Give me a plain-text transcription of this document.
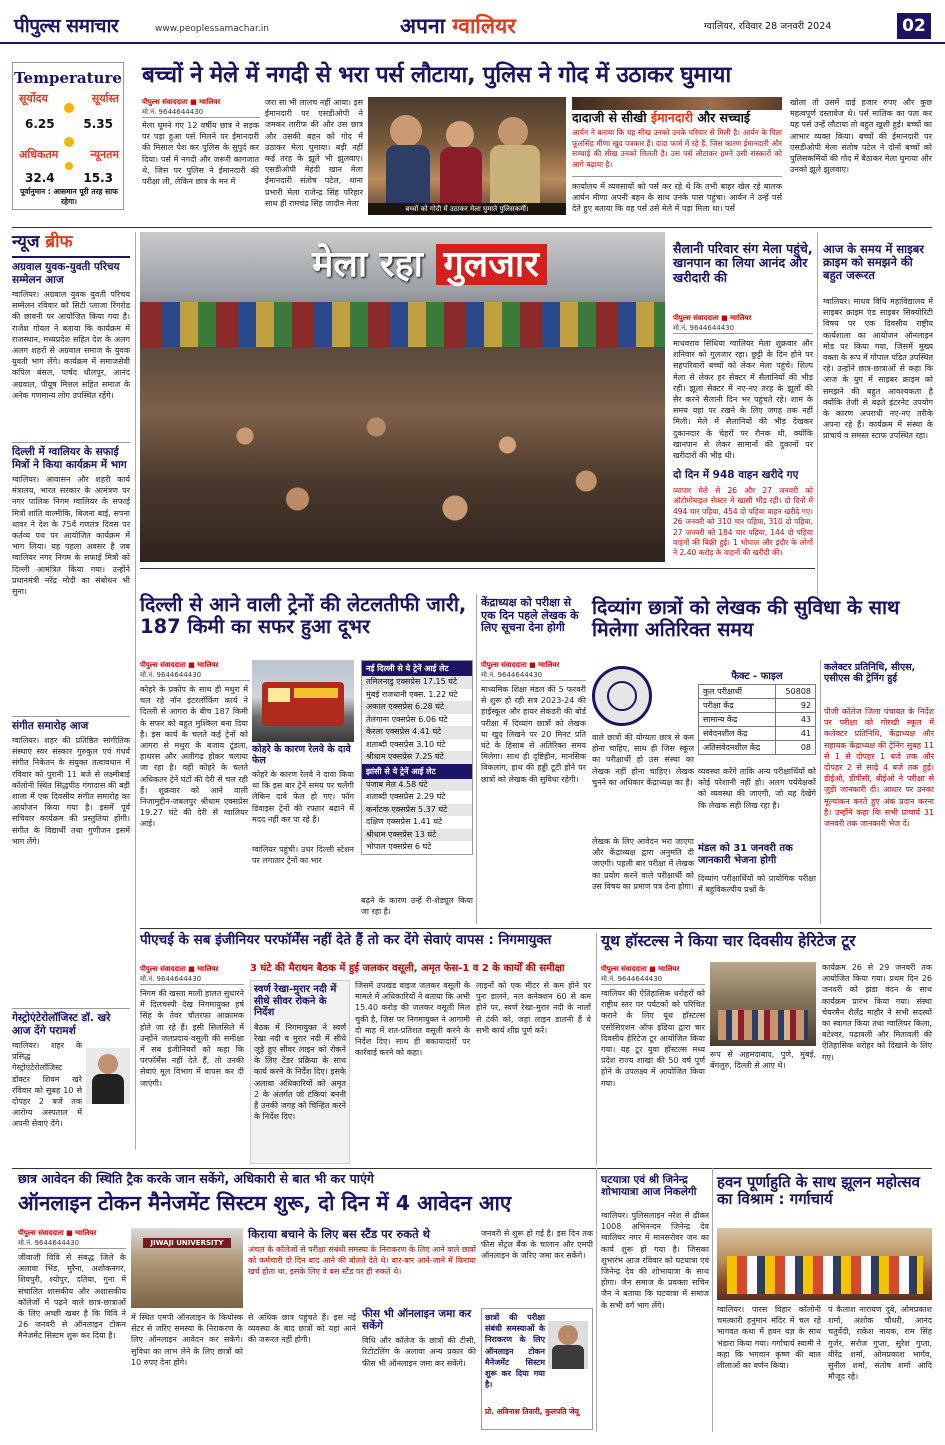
पीपुल्स समाचार	www.peoplessamachar.in	अपना ग्वालियर	ग्वालियर, रविवार 28 जनवरी 2024	02
Temperature
सूर्योदय	सूर्यास्त
6.25 5.35
अधिकतम	न्यूनतम
32.4 15.3
पूर्वानुमान : आसमान पूरी तरह साफ रहेगा।
बच्चों ने मेले में नगदी से भरा पर्स लौटाया, पुलिस ने गोद में उठाकर घुमाया
पीपुल्स संवाददाता ■ ग्वालियर
मो.नं. 9644644430
मेला घूमने गए 12 वर्षीय छात्र ने सड़क पर पड़ा हुआ पर्स मिलने पर ईमानदारी की मिसाल पेश कर पुलिस के सुपुर्द कर दिया। पर्स में नगदी और जरूरी कागजात थे, जिस पर पुलिस ने ईमानदारी की परीक्षा ली, लेकिन छात्र के मन में
जरा सा भी लालच नहीं आया। इस ईमानदारी पर एसडीओपी ने जमकर तारीफ की और उस छात्र और उसकी बहन को गोद में उठाकर मेला घुमाया। बड़ी नहीं कई तरह के झूले भी झुलवाए। एसडीओपी मेहंदी खान मेला ईमानदारी संतोष पटेल, थाना प्रभारी मेला राजेन्द्र सिंह परिहार साथ ही रामचंद्र सिंह जादौन मेला
बच्चों को गोदी में उठाकर मेला घुमाते पुलिसकर्मी।
दादाजी से सीखी ईमानदारी और सच्चाई
आर्यन ने बताया कि यह सीख उनको उनके परिवार से मिली है। आर्यन के पिता फूलसिंह मीणा खुद पत्रकार हैं। दादा फार्म में रहे हैं, जिस कारण ईमानदारी और सच्चाई की सीख उनको मिलती है। उस पर्स लौटाकर हमने उसी संस्कारों को आगे बढ़ाया है।
कार्यालय में व्यवसायों को पर्स कर रहे थे कि तभी बाहर खेल रहे बालक आर्यन मीणा अपनी बहन के साथ उनके पास पहुंचा। आर्यन ने उन्हें पर्स देते हुए बताया कि वह पर्स उसे मेले में पड़ा मिला था। पर्स
खोला तो उसमें दाई हजार रुपए और कुछ महत्वपूर्ण दस्तावेज थे। पर्स मालिक का पता कर यह पर्स उन्हें लौटाया तो बहुत खुशी हुई। बच्चों का आभार व्यक्त किया। बच्चों की ईमानदारी पर एसडीओपी मेला संतोष पटेल ने दोनों बच्चों को पुलिसकर्मियों की गोद में बैठाकर मेला घुमाया और उनको झूले झुलवाए।
न्यूज ब्रीफ
अग्रवाल युवक-युवती परिचय सम्मेलन आज
ग्वालियर। अग्रवाल युवक युवती परिचय सम्मेलन रविवार को सिटी प्लाजा रिंगरोड की छावनी पर आयोजित किया गया है। राजेश गोयल ने बताया कि कार्यक्रम में राजस्थान, मध्यप्रदेश सहित देश के अलग अलग शहरों से अग्रवाल समाज के युवक युवती भाग लेंगे। कार्यक्रम में समाजसेवी कपिल बंसल, पार्षद धौलपुर, आनंद अग्रवाल, पीयूष मित्तल सहित समाज के अनेक गणमान्य लोग उपस्थित रहेंगे।
दिल्ली में ग्वालियर के सफाई मित्रों ने किया कार्यक्रम में भाग
ग्वालियर। आवासन और शहरी कार्य मंत्रालय, भारत सरकार के आमंत्रण पर नगर पालिक निगम ग्वालियर के सफाई मित्रों शांति वाल्मीकि, बिजना बाई, सपना थावर ने देश के 75वें गणतंत्र दिवस पर कर्तव्य पथ पर आयोजित कार्यक्रम में भाग लिया। यह पहला अवसर है जब ग्वालियर नगर निगम के सफाई मित्रों को दिल्ली आमंत्रित किया गया। उन्होंने प्रधानमंत्री नरेंद्र मोदी का संबोधन भी सुना।
संगीत समारोह आज
ग्वालियर। शहर की प्रतिष्ठित सांगीतिक संस्थाएं स्वर संस्कार गुरुकुल एवं गंधर्व संगीत निकेतन के संयुक्त तत्वावधान में रविवार को पुरानी 11 बजे से लक्ष्मीबाई कॉलोनी स्थित सिद्धपीठ गंगादास की बड़ी शाला में एक दिवसीय संगीत समारोह का आयोजन किया गया है। इसमें पूर्व सचिवार कार्यक्रम की प्रस्तुतियां होंगी। संगीत के विद्यार्थी तथा गुणीजन इसमें भाग लेंगे।
गेस्ट्रोएंटेरोलॉजिस्ट डॉ. खरे आज देंगे परामर्श
ग्वालियर। शहर के प्रसिद्ध गेस्ट्रोएंटेरोलॉजिस्ट डॉक्टर शिवम खरे रविवार को सुबह 10 से दोपहर 2 बजे तक आरोग्य अस्पताल में अपनी सेवाएं देंगे।
मेला रहा गुलजार	सैलानी परिवार संग मेला पहुंचे, खानपान का लिया आनंद और खरीदारी की
पीपुल्स संवाददाता ■ ग्वालियर
मो.नं. 9644644430
माधवराव सिंधिया ग्वालियर मेला शुक्रवार और शनिवार को गुलजार रहा। छुट्टी के दिन होने पर सहपरिवारों बच्चों को लेकर मेला पहुंचे। शिल्प मेला से लेकर हर सेक्टर में सैलानियों की भीड़ रही। झूला सेक्टर में नए-नए तरह के झूलों की सैर करने सैलानी दिन भर पहुंचते रहे। शाम के समय यहां पर रखने के लिए जगह तक नहीं मिली। मेले में सैलानियों की भीड़ देखकर दुकानदार के चेहरों पर रौनक थी, क्योंकि खानपान से लेकर सामानों की दुकानों पर खरीदारों की भीड़ थी।
दो दिन में 948 वाहन खरीदे गए
व्यापार मेले से 26 और 27 जनवरी को ऑटोमोबाइल सेक्टर में खासी भीड़ रही। दो दिनों में 494 चार पहिया, 454 दो पहिया वाहन खरीदे गए। 26 जनवरी को 310 चार पहिया, 310 दो पहिया, 27 जनवरी को 184 चार पहिया, 144 दो पहिया वाहनों की बिक्री हुई। 1 भोपाल और इंदौर के लोगों ने 2.40 करोड़ के वाहनों की खरीदी की।
आज के समय में साइबर क्राइम को समझने की बहुत जरूरत
ग्वालियर। माधव विधि महाविद्यालय में साइबर क्राइम एंड साइबर सिक्योरिटी विषय पर एक दिवसीय राष्ट्रीय कार्यशाला का आयोजन ऑनलाइन मोड पर किया गया, जिसमें मुख्य वक्ता के रूप में गोपाल पंडित उपस्थित रहे। उन्होंने छात्र-छात्राओं से कहा कि आज के युग में साइबर क्राइम को समझने की बहुत आवश्यकता है क्योंकि तेजी से बढ़ते इंटरनेट उपयोग के कारण अपराधी नए-नए तरीके अपना रहे हैं। कार्यक्रम में संस्था के प्राचार्य व समस्त स्टाफ उपस्थित रहा।
दिल्ली से आने वाली ट्रेनों की लेटलतीफी जारी, 187 किमी का सफर हुआ दूभर
पीपुल्स संवाददाता ■ ग्वालियर
मो.नं. 9644644430
कोहरे के प्रकोप के साथ ही मथुरा में चल रहे नॉन इंटरलॉकिंग कार्य ने दिल्ली से आगरा के बीच 187 किमी के सफर को बहुत मुश्किल बना दिया है। इस कार्य के चलते कई ट्रेनों को आगरा से मथुरा के बजाय टूंडला, हाथरस और अलीगढ़ होकर चलाया जा रहा है। वहीं कोहरे के चलते अधिकतर ट्रेनें घंटों की देरी से चल रही हैं। शुक्रवार को आने वाली निजामुद्दीन-जबलपुर श्रीधाम एक्सप्रेस 19.27 घंटे की देरी से ग्वालियर आई।
कोहरे के कारण रेलवे के दावे फेल
कोहरे के कारण रेलवे ने दावा किया था कि इस बार ट्रेनें समय पर चलेंगी लेकिन दावे फेल हो गए। फॉग डिवाइस ट्रेनों की रफ्तार बढ़ाने में मदद नहीं कर पा रहे हैं।
ग्वालियर पहुंची। उधर दिल्ली स्टेशन पर लगातार ट्रेनों का भार
नई दिल्ली से ये ट्रेनें आई लेट
तमिलनाडु एक्सप्रेस 17.15 घंटे
मुंबई राजधानी एक्स. 1.22 घंटे
अकाल एक्सप्रेस 6.28 घंटे
तेलंगाना एक्सप्रेस 6.06 घंटे
केरला एक्सप्रेस 4.41 घंटे
शताब्दी एक्सप्रेस 3.10 घंटे
श्रीधाम एक्सप्रेस 7.25 घंटे
झांसी से ये ट्रेनें आई लेट
पंजाब मेल 4.58 घंटे
शताब्दी एक्सप्रेस 2.29 घंटे
कर्नाटक एक्सप्रेस 5.37 घंटे
दक्षिण एक्सप्रेस 1.41 घंटे
श्रीधाम एक्सप्रेस 13 घंटे
भोपाल एक्सप्रेस 6 घंटे
बढ़ने के कारण उन्हें री-शेड्यूल किया जा रहा है।
केंद्राध्यक्ष को परीक्षा से एक दिन पहले लेखक के लिए सूचना देना होगी
पीपुल्स संवाददाता ■ ग्वालियर
मो.नं. 9644644430
माध्यमिक शिक्षा मंडल की 5 फरवरी से शुरू हो रही सत्र 2023-24 की हाईस्कूल और हायर सेकंडरी की बोर्ड परीक्षा में दिव्यांग छात्रों को लेखक या खुद लिखने पर 20 मिनट प्रति घंटे के हिसाब से अतिरिक्त समय मिलेगा। साथ ही दृष्टिहीन, मानसिक विकलांग, हाथ की हड्डी टूटी होने पर छात्रों को लेखक की सुविधा रहेगी।
दिव्यांग छात्रों को लेखक की सुविधा के साथ मिलेगा अतिरिक्त समय
वाले छात्रों की योग्यता छात्र से कम होना चाहिए, साथ ही जिस स्कूल का परीक्षार्थी हो उस संस्था का लेखक नहीं होना चाहिए। लेखक चुनने का अधिकार केंद्राध्यक्ष का है।
लेखक के लिए आवेदन भरा जाएगा और केंद्राध्यक्ष द्वारा अनुमति दी जाएगी। पहली बार परीक्षा में लेखक का प्रयोग करने वाले परीक्षार्थी को उस विषय का प्रमाण पत्र देना होगा।
फैक्ट - फाइल
कुल परीक्षार्थी	50808
परीक्षा केंद्र	92
सामान्य केंद्र	43
संवेदनशील केंद्र	41
अतिसंवेदनशील केंद्र	08
व्यवस्था करेंगे ताकि अन्य परीक्षार्थियों को कोई परेशानी नहीं हो। अलग पर्यवेक्षकों को व्यवस्था की जाएगी, जो यह देखेंगे कि लेखक सही लिख रहा है।
मंडल को 31 जनवरी तक जानकारी भेजना होगी
दिव्यांग परीक्षार्थियों को प्रायोगिक परीक्षा में बहुविकल्पीय प्रश्नों के
कलेक्टर प्रतिनिधि, सीएस, एसीएस की ट्रेनिंग हुई
पीजी कॉलेज जिला पंचायत के निर्देश पर परीक्षा को गोरखी स्कूल में कलेक्टर प्रतिनिधि, केंद्राध्यक्ष और सहायक केंद्राध्यक्ष की ट्रेनिंग सुबह 11 से 1 से दोपहर 1 बजे तक और दोपहर 2 से साढ़े 4 बजे तक हुई। डीईओ, डीपीसी, बीईओ ने परीक्षा से जुड़ी जानकारी दी। आधार पर उनका मूल्यांकन करते हुए अंक प्रदान करना है। उन्होंने कहा कि सभी प्राचार्य 31 जनवरी तक जानकारी भेज दें।
पीएचई के सब इंजीनियर परफॉर्मेंस नहीं देते हैं तो कर देंगे सेवाएं वापस : निगमायुक्त
पीपुल्स संवाददाता ■ ग्वालियर
मो.नं. 9644644430
निगम की खस्ता माली हालत सुधारने में दिलचस्पी देख निगमायुक्त हर्ष सिंह के तेवर चौतरफा आक्रामक होते जा रहे हैं। इसी सिलसिले में उन्होंने जलप्रदाय-वसूली की समीक्षा में सब इंजीनियरों को कहा कि परफॉर्मेंस नहीं देते हैं, तो उनकी सेवाएं मूल विभाग में वापस कर दी जाएंगी।
3 घंटे की मैराथन बैठक में हुई जलकर वसूली, अमृत फेस-1 व 2 के कार्यों की समीक्षा
स्वर्ण रेखा-मुरार नदी में सीधे सीवर रोकने के निर्देश
बैठक में निगमायुक्त ने स्वर्ण रेखा नदी व मुरार नदी में सीधे जुड़े हुए सीवर लाइन को रोकने के लिए टेंडर प्रक्रिया के साथ कार्य करने के निर्देश दिए। इसके अलावा अधिकारियों को अमृत 2 के अंतर्गत जो टंकियां बननी हैं उनकी जगह को चिन्हित करने के निर्देश दिए।
जिसमें उपखंड वाइज जलकर वसूली के मामले में अधिकारियों ने बताया कि अभी 15.40 करोड़ की जलकर वसूली मिल चुकी है, जिस पर निगमायुक्त ने आगामी दो माह में शत-प्रतिशत वसूली करने के निर्देश दिए। साथ ही बकायादारों पर कार्रवाई करने को कहा।
लाइनों को एक मीटर से कम होने पर पुनः डालने, नल कनेक्शन 60 से कम होने पर, स्वर्ण रेखा-मुरार नदी के नालों से टंकी को, जहां लाइन डालनी हैं वे सभी कार्य शीघ्र पूर्ण करें।
यूथ हॉस्टल्स ने किया चार दिवसीय हेरिटेज टूर
पीपुल्स संवाददाता ■ ग्वालियर
मो.नं. 9644644430
ग्वालियर की ऐतिहासिक धरोहरों को राष्ट्रीय स्तर पर पर्यटकों को परिचित कराने के लिए यूथ हॉस्टल्स एसोसिएशन ऑफ इंडिया द्वारा चार दिवसीय हेरिटेज टूर आयोजित किया गया। यह टूर युवा हॉस्टल्स मध्य प्रदेश राज्य शाखा की 50 वर्ष पूर्ण होने के उपलक्ष्य में आयोजित किया गया।
रूप से अहमदाबाद, पुणे, मुंबई, बेंगलुरु, दिल्ली से आए थे।
कार्यक्रम 26 से 29 जनवरी तक आयोजित किया गया। प्रथम दिन 26 जनवरी को झंडा वंदन के साथ कार्यक्रम प्रारंभ किया गया। संस्था चेयरमैन शैलेंद्र माहौर ने सभी सदस्यों का स्वागत किया तथा ग्वालियर किला, बटेश्वर, पढ़ावली और मितावली की ऐतिहासिक धरोहर को दिखाने के लिए गए।
छात्र आवेदन की स्थिति ट्रैक करके जान सकेंगे, अधिकारी से बात भी कर पाएंगे
ऑनलाइन टोकन मैनेजमेंट सिस्टम शुरू, दो दिन में 4 आवेदन आए
पीपुल्स संवाददाता ■ ग्वालियर
मो.नं. 9644644430
जीवाजी विवि से संबद्ध जिले के अलावा भिंड, मुरैना, अशोकनगर, शिवपुरी, श्योपुर, दतिया, गुना में संचालित शासकीय और अशासकीय कॉलेजों में पढ़ने वाले छात्र-छात्राओं के लिए अच्छी खबर है कि विवि ने 26 जनवरी से ऑनलाइन टोकन मैनेजमेंट सिस्टम शुरू कर दिया है।
JIWAJI UNIVERSITY
किराया बचाने के लिए बस स्टैंड पर रुकते थे
अंचल के कॉलेजों से परीक्षा संबंधी समस्या के निराकरण के लिए आने वाले छात्रों को कर्मचारी दो दिन बाद आने की बोलते देते थे। बार-बार आने-जाने में किराया खर्च होता था, इसके लिए वे बस स्टैंड पर ही रुकते थे।
में स्थित एमपी ऑनलाइन के कियोस्क सेंटर से जरिए समस्या के निराकरण के लिए ऑनलाइन आवेदन कर सकेंगे। सुविधा का लाभ लेने के लिए छात्रों को 10 रुपए देना होंगे।
से अधिक छात्र पहुंचते हैं। इस नई व्यवस्था के बाद छात्रों को यहां आने की जरूरत नहीं होगी।
फीस भी ऑनलाइन जमा कर सकेंगे
विधि और कॉलेज के छात्रों की टीसी, रिटोटलिंग के अलावा अन्य प्रकार की फीस भी ऑनलाइन जमा कर सकेंगे।
जनवरी से शुरू हो गई है। इस दिन तक फीस सेंट्रल बैंक के चालान और एमपी ऑनलाइन के जरिए जमा कर सकेंगे।
छात्रों की परीक्षा संबंधी समस्याओं के निराकरण के लिए ऑनलाइन टोकन मैनेजमेंट सिस्टम शुरू कर दिया गया है।
प्रो. अविनाश तिवारी, कुलपति जेयू
घटयात्रा एवं श्री जिनेन्द्र शोभायात्रा आज निकलेगी
ग्वालियर। पुलिसलाइन नरेश से ढीकर 1008 अभिनन्दन जिनेन्द्र देव ग्वालियर नगर में मानसरोवर जन का कार्य शुरू हो गया है। जिसका शुभारंभ आज रविवार को घटयात्रा एवं जिनेन्द्र देव की शोभायात्रा के साथ होगा। जैन समाज के प्रवक्ता सचिन जैन ने बताया कि घटयात्रा में समाज के सभी वर्ग भाग लेंगे।
हवन पूर्णाहुति के साथ झूलन महोत्सव का विश्राम : गर्गाचार्य
ग्वालियर। पारस विहार कॉलोनी चमत्कारी हनुमान मंदिर में चल रहे भागवत कथा में हवन यज्ञ के साथ भंडारा किया गया। गर्गाचार्य स्वामी ने कहा कि भगवान कृष्ण की बाल लीलाओं का वर्णन किया।
पं कैलाश नारायण दुबे, ओमप्रकाश शर्मा, अशोक चौधरी, आनंद चतुर्वेदी, राकेश नायक, राम सिंह गुर्जर, सरोज गुप्ता, सुरेश गुप्ता, वीरेंद्र शर्मा, ओमप्रकाश भार्गव, सुनील शर्मा, संतोष शर्मा आदि मौजूद रहे।
